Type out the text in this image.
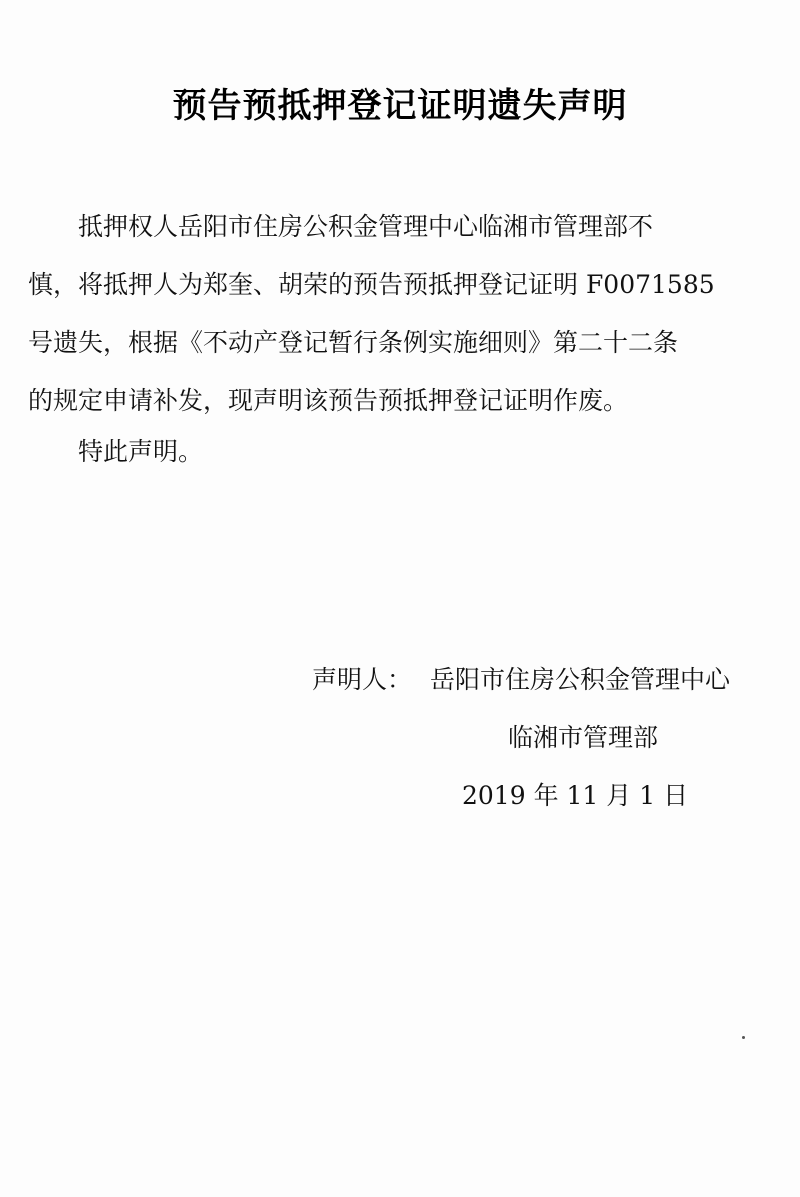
预告预抵押登记证明遗失声明

抵押权人岳阳市住房公积金管理中心临湘市管理部不

慎，将抵押人为郑奎、胡荣的预告预抵押登记证明 F0071585

号遗失，根据《不动产登记暂行条例实施细则》第二十二条

的规定申请补发，现声明该预告预抵押登记证明作废。

特此声明。
声明人： 岳阳市住房公积金管理中心
临湘市管理部
2019 年 11 月 1 日
